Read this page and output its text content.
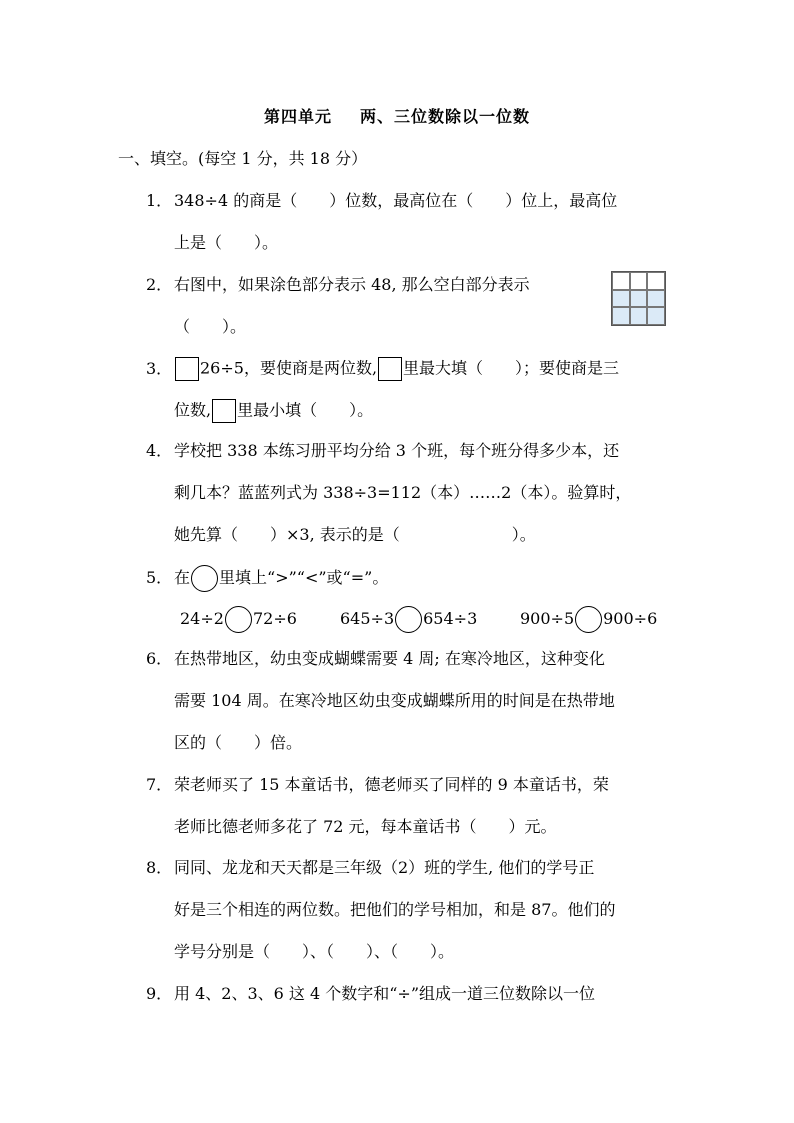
第四单元 两、三位数除以一位数
一、填空。(每空 1 分，共 18 分）
1． 348÷4 的商是（　　）位数，最高位在（　　）位上，最高位
上是（　　）。
2． 右图中，如果涂色部分表示 48, 那么空白部分表示
（　　）。
3． 26÷5，要使商是两位数, 里最大填（　　）；要使商是三
位数, 里最小填（　　）。
4． 学校把 338 本练习册平均分给 3 个班，每个班分得多少本，还
剩几本？蓝蓝列式为 338÷3=112（本）……2（本）。验算时，
她先算（　　）×3, 表示的是（　　　　　　　）。
5． 在 里填上“>”“<”或“=”。
24÷2 72÷6	645÷3 654÷3	900÷5 900÷6
6． 在热带地区，幼虫变成蝴蝶需要 4 周; 在寒冷地区，这种变化
需要 104 周。在寒冷地区幼虫变成蝴蝶所用的时间是在热带地
区的（　　）倍。
7． 荣老师买了 15 本童话书，德老师买了同样的 9 本童话书，荣
老师比德老师多花了 72 元，每本童话书（　　）元。
8． 同同、龙龙和天天都是三年级（2）班的学生, 他们的学号正
好是三个相连的两位数。把他们的学号相加，和是 87。他们的
学号分别是（　　）、（　　）、（　　）。
9． 用 4、2、3、6 这 4 个数字和“÷”组成一道三位数除以一位
